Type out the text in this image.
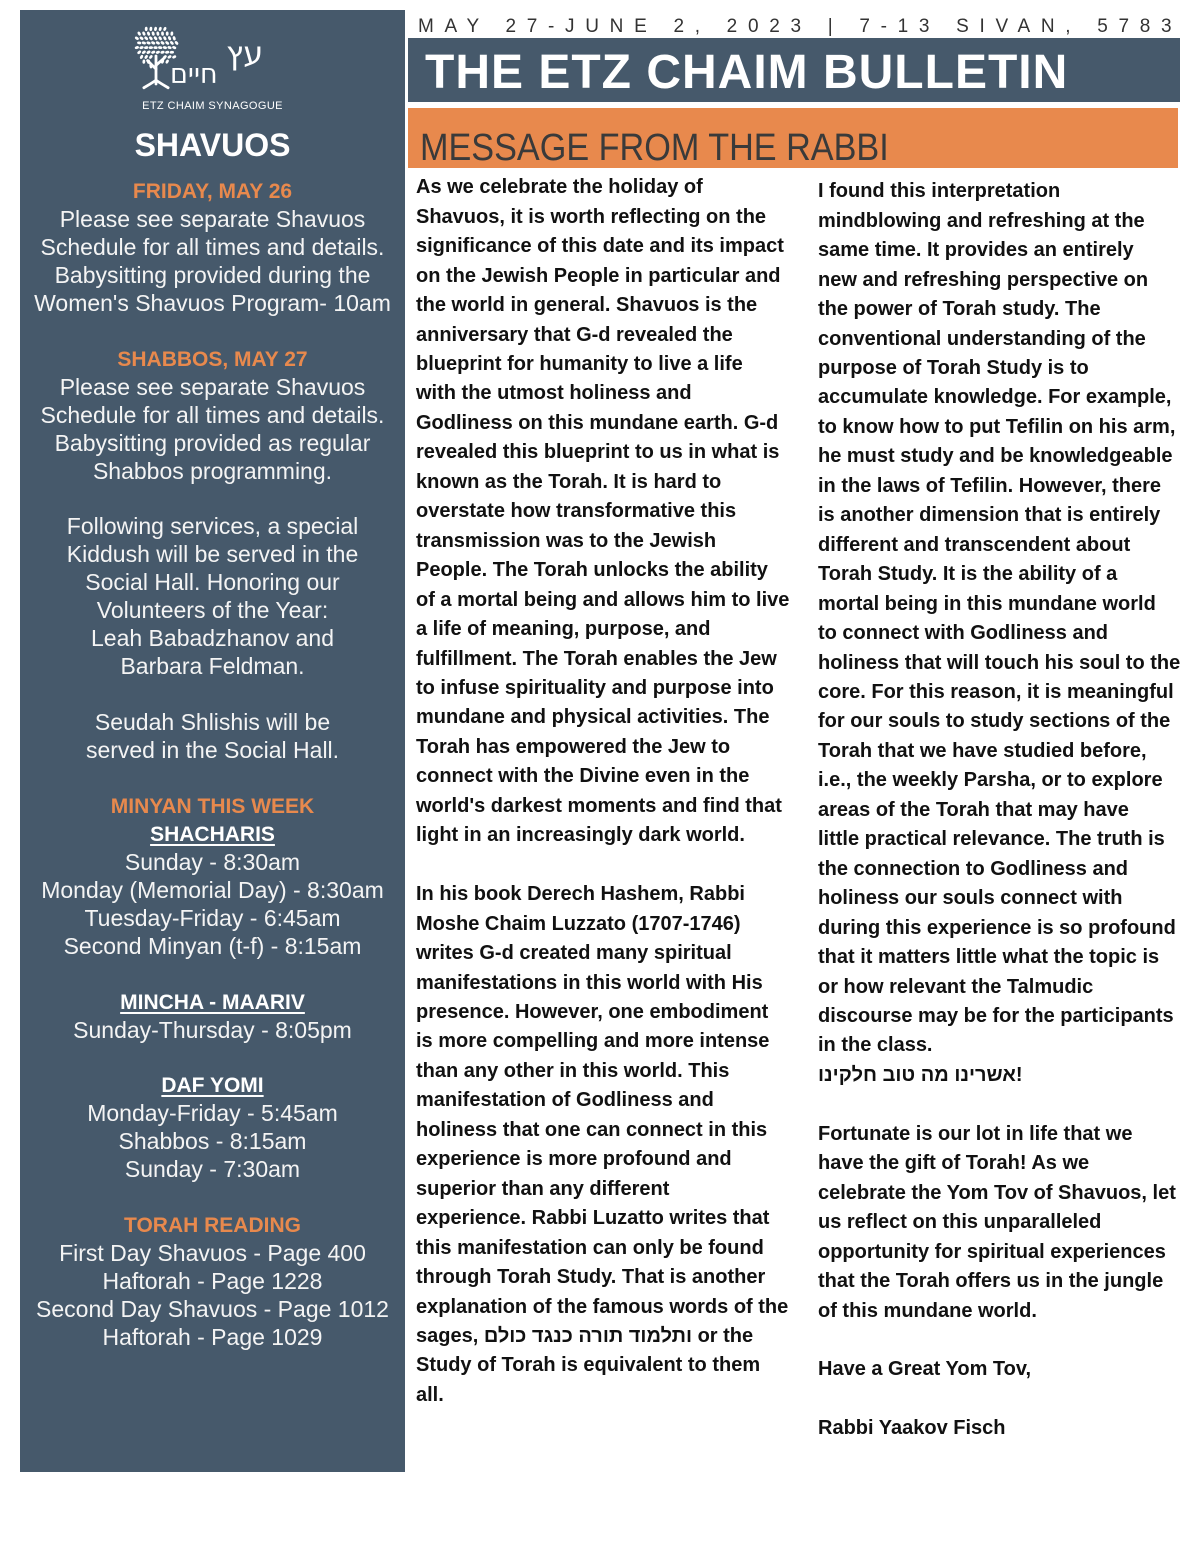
עץ
חיים
ETZ CHAIM SYNAGOGUE
SHAVUOS
FRIDAY, MAY 26
Please see separate Shavuos
Schedule for all times and details.
Babysitting provided during the
Women's Shavuos Program- 10am
SHABBOS, MAY 27
Please see separate Shavuos
Schedule for all times and details.
Babysitting provided as regular
Shabbos programming.
Following services, a special
Kiddush will be served in the
Social Hall. Honoring our
Volunteers of the Year:
Leah Babadzhanov and
Barbara Feldman.
Seudah Shlishis will be
served in the Social Hall.
MINYAN THIS WEEK
SHACHARIS
Sunday - 8:30am
Monday (Memorial Day) - 8:30am
Tuesday-Friday - 6:45am
Second Minyan (t-f) - 8:15am
MINCHA - MAARIV
Sunday-Thursday - 8:05pm
DAF YOMI
Monday-Friday - 5:45am
Shabbos - 8:15am
Sunday - 7:30am
TORAH READING
First Day Shavuos - Page 400
Haftorah - Page 1228
Second Day Shavuos - Page 1012
Haftorah - Page 1029
MAY 27-JUNE 2, 2023 | 7-13 SIVAN, 5783
THE ETZ CHAIM BULLETIN
MESSAGE FROM THE RABBI
As we celebrate the holiday of
Shavuos, it is worth reflecting on the
significance of this date and its impact
on the Jewish People in particular and
the world in general. Shavuos is the
anniversary that G-d revealed the
blueprint for humanity to live a life
with the utmost holiness and
Godliness on this mundane earth. G-d
revealed this blueprint to us in what is
known as the Torah. It is hard to
overstate how transformative this
transmission was to the Jewish
People. The Torah unlocks the ability
of a mortal being and allows him to live
a life of meaning, purpose, and
fulfillment. The Torah enables the Jew
to infuse spirituality and purpose into
mundane and physical activities. The
Torah has empowered the Jew to
connect with the Divine even in the
world's darkest moments and find that
light in an increasingly dark world.
In his book Derech Hashem, Rabbi
Moshe Chaim Luzzato (1707-1746)
writes G-d created many spiritual
manifestations in this world with His
presence. However, one embodiment
is more compelling and more intense
than any other in this world. This
manifestation of Godliness and
holiness that one can connect in this
experience is more profound and
superior than any different
experience. Rabbi Luzatto writes that
this manifestation can only be found
through Torah Study. That is another
explanation of the famous words of the
sages, ותלמוד תורה כנגד כולם or the
Study of Torah is equivalent to them
all.
I found this interpretation
mindblowing and refreshing at the
same time. It provides an entirely
new and refreshing perspective on
the power of Torah study. The
conventional understanding of the
purpose of Torah Study is to
accumulate knowledge. For example,
to know how to put Tefilin on his arm,
he must study and be knowledgeable
in the laws of Tefilin. However, there
is another dimension that is entirely
different and transcendent about
Torah Study. It is the ability of a
mortal being in this mundane world
to connect with Godliness and
holiness that will touch his soul to the
core. For this reason, it is meaningful
for our souls to study sections of the
Torah that we have studied before,
i.e., the weekly Parsha, or to explore
areas of the Torah that may have
little practical relevance. The truth is
the connection to Godliness and
holiness our souls connect with
during this experience is so profound
that it matters little what the topic is
or how relevant the Talmudic
discourse may be for the participants
in the class.
!אשרינו מה טוב חלקינו
Fortunate is our lot in life that we
have the gift of Torah! As we
celebrate the Yom Tov of Shavuos, let
us reflect on this unparalleled
opportunity for spiritual experiences
that the Torah offers us in the jungle
of this mundane world.
Have a Great Yom Tov,
Rabbi Yaakov Fisch
